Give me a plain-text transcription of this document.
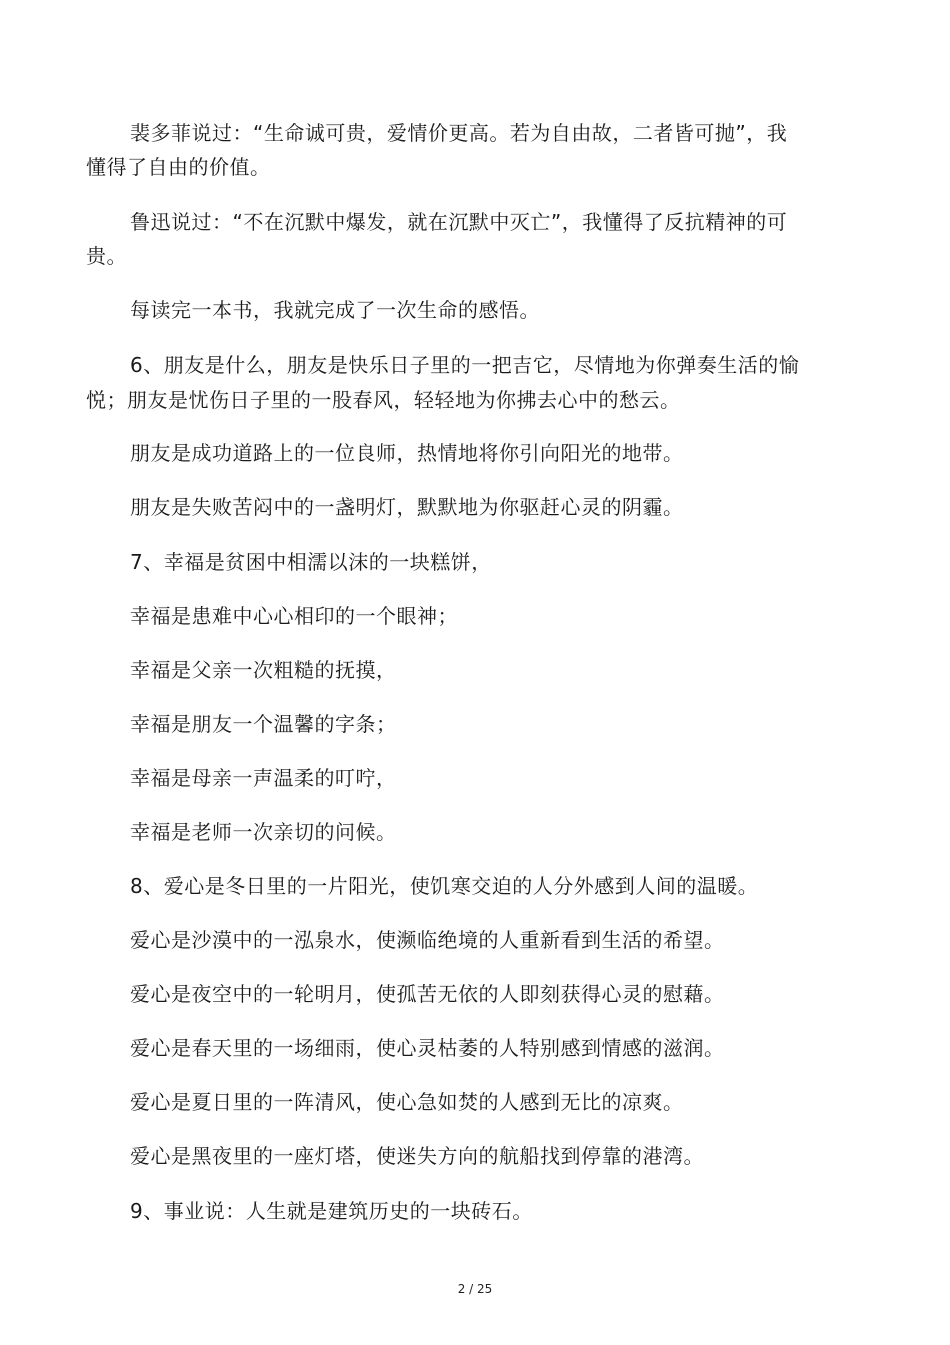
裴多菲说过：“生命诚可贵，爱情价更高。若为自由故，二者皆可抛”，我
懂得了自由的价值。
鲁迅说过：“不在沉默中爆发，就在沉默中灭亡”，我懂得了反抗精神的可
贵。
每读完一本书，我就完成了一次生命的感悟。
6、朋友是什么，朋友是快乐日子里的一把吉它，尽情地为你弹奏生活的愉
悦；朋友是忧伤日子里的一股春风，轻轻地为你拂去心中的愁云。
朋友是成功道路上的一位良师，热情地将你引向阳光的地带。
朋友是失败苦闷中的一盏明灯，默默地为你驱赶心灵的阴霾。
7、幸福是贫困中相濡以沫的一块糕饼，
幸福是患难中心心相印的一个眼神；
幸福是父亲一次粗糙的抚摸，
幸福是朋友一个温馨的字条；
幸福是母亲一声温柔的叮咛，
幸福是老师一次亲切的问候。
8、爱心是冬日里的一片阳光，使饥寒交迫的人分外感到人间的温暖。
爱心是沙漠中的一泓泉水，使濒临绝境的人重新看到生活的希望。
爱心是夜空中的一轮明月，使孤苦无依的人即刻获得心灵的慰藉。
爱心是春天里的一场细雨，使心灵枯萎的人特别感到情感的滋润。
爱心是夏日里的一阵清风，使心急如焚的人感到无比的凉爽。
爱心是黑夜里的一座灯塔，使迷失方向的航船找到停靠的港湾。
9、事业说：人生就是建筑历史的一块砖石。
2 / 25
